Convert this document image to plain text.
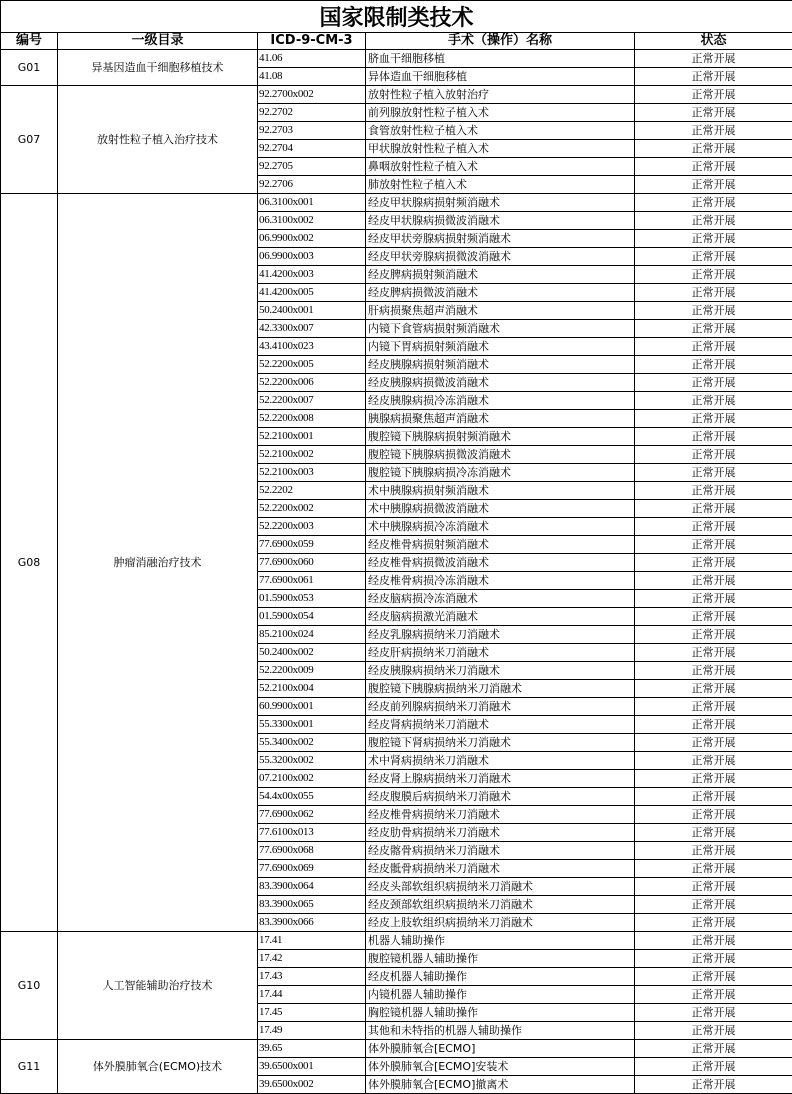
国家限制类技术				
编号	一级目录	ICD-9-CM-3	手术（操作）名称	状态
G01	异基因造血干细胞移植技术	41.06	脐血干细胞移植	正常开展
		41.08	异体造血干细胞移植	正常开展
G07	放射性粒子植入治疗技术	92.2700x002	放射性粒子植入放射治疗	正常开展
		92.2702	前列腺放射性粒子植入术	正常开展
		92.2703	食管放射性粒子植入术	正常开展
		92.2704	甲状腺放射性粒子植入术	正常开展
		92.2705	鼻咽放射性粒子植入术	正常开展
		92.2706	肺放射性粒子植入术	正常开展
G08	肿瘤消融治疗技术	06.3100x001	经皮甲状腺病损射频消融术	正常开展
		06.3100x002	经皮甲状腺病损微波消融术	正常开展
		06.9900x002	经皮甲状旁腺病损射频消融术	正常开展
		06.9900x003	经皮甲状旁腺病损微波消融术	正常开展
		41.4200x003	经皮脾病损射频消融术	正常开展
		41.4200x005	经皮脾病损微波消融术	正常开展
		50.2400x001	肝病损聚焦超声消融术	正常开展
		42.3300x007	内镜下食管病损射频消融术	正常开展
		43.4100x023	内镜下胃病损射频消融术	正常开展
		52.2200x005	经皮胰腺病损射频消融术	正常开展
		52.2200x006	经皮胰腺病损微波消融术	正常开展
		52.2200x007	经皮胰腺病损冷冻消融术	正常开展
		52.2200x008	胰腺病损聚焦超声消融术	正常开展
		52.2100x001	腹腔镜下胰腺病损射频消融术	正常开展
		52.2100x002	腹腔镜下胰腺病损微波消融术	正常开展
		52.2100x003	腹腔镜下胰腺病损冷冻消融术	正常开展
		52.2202	术中胰腺病损射频消融术	正常开展
		52.2200x002	术中胰腺病损微波消融术	正常开展
		52.2200x003	术中胰腺病损冷冻消融术	正常开展
		77.6900x059	经皮椎骨病损射频消融术	正常开展
		77.6900x060	经皮椎骨病损微波消融术	正常开展
		77.6900x061	经皮椎骨病损冷冻消融术	正常开展
		01.5900x053	经皮脑病损冷冻消融术	正常开展
		01.5900x054	经皮脑病损激光消融术	正常开展
		85.2100x024	经皮乳腺病损纳米刀消融术	正常开展
		50.2400x002	经皮肝病损纳米刀消融术	正常开展
		52.2200x009	经皮胰腺病损纳米刀消融术	正常开展
		52.2100x004	腹腔镜下胰腺病损纳米刀消融术	正常开展
		60.9900x001	经皮前列腺病损纳米刀消融术	正常开展
		55.3300x001	经皮肾病损纳米刀消融术	正常开展
		55.3400x002	腹腔镜下肾病损纳米刀消融术	正常开展
		55.3200x002	术中肾病损纳米刀消融术	正常开展
		07.2100x002	经皮肾上腺病损纳米刀消融术	正常开展
		54.4x00x055	经皮腹膜后病损纳米刀消融术	正常开展
		77.6900x062	经皮椎骨病损纳米刀消融术	正常开展
		77.6100x013	经皮肋骨病损纳米刀消融术	正常开展
		77.6900x068	经皮髂骨病损纳米刀消融术	正常开展
		77.6900x069	经皮骶骨病损纳米刀消融术	正常开展
		83.3900x064	经皮头部软组织病损纳米刀消融术	正常开展
		83.3900x065	经皮颈部软组织病损纳米刀消融术	正常开展
		83.3900x066	经皮上肢软组织病损纳米刀消融术	正常开展
G10	人工智能辅助治疗技术	17.41	机器人辅助操作	正常开展
		17.42	腹腔镜机器人辅助操作	正常开展
		17.43	经皮机器人辅助操作	正常开展
		17.44	内镜机器人辅助操作	正常开展
		17.45	胸腔镜机器人辅助操作	正常开展
		17.49	其他和未特指的机器人辅助操作	正常开展
G11	体外膜肺氧合(ECMO)技术	39.65	体外膜肺氧合[ECMO]	正常开展
		39.6500x001	体外膜肺氧合[ECMO]安装术	正常开展
		39.6500x002	体外膜肺氧合[ECMO]撤离术	正常开展
